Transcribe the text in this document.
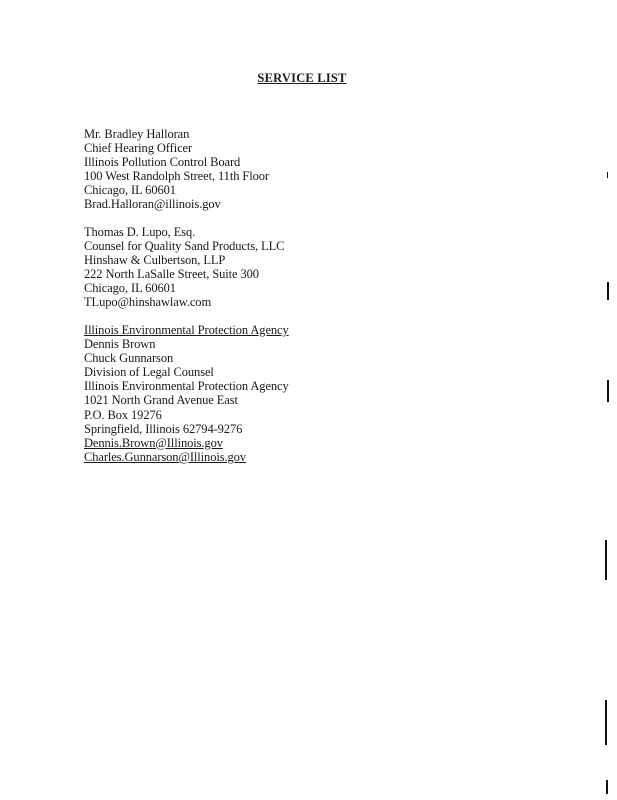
SERVICE LIST
Mr. Bradley Halloran
Chief Hearing Officer
Illinois Pollution Control Board
100 West Randolph Street, 11th Floor
Chicago, IL 60601
Brad.Halloran@illinois.gov
Thomas D. Lupo, Esq.
Counsel for Quality Sand Products, LLC
Hinshaw & Culbertson, LLP
222 North LaSalle Street, Suite 300
Chicago, IL 60601
TLupo@hinshawlaw.com
Illinois Environmental Protection Agency
Dennis Brown
Chuck Gunnarson
Division of Legal Counsel
Illinois Environmental Protection Agency
1021 North Grand Avenue East
P.O. Box 19276
Springfield, Illinois 62794-9276
Dennis.Brown@Illinois.gov
Charles.Gunnarson@Illinois.gov
